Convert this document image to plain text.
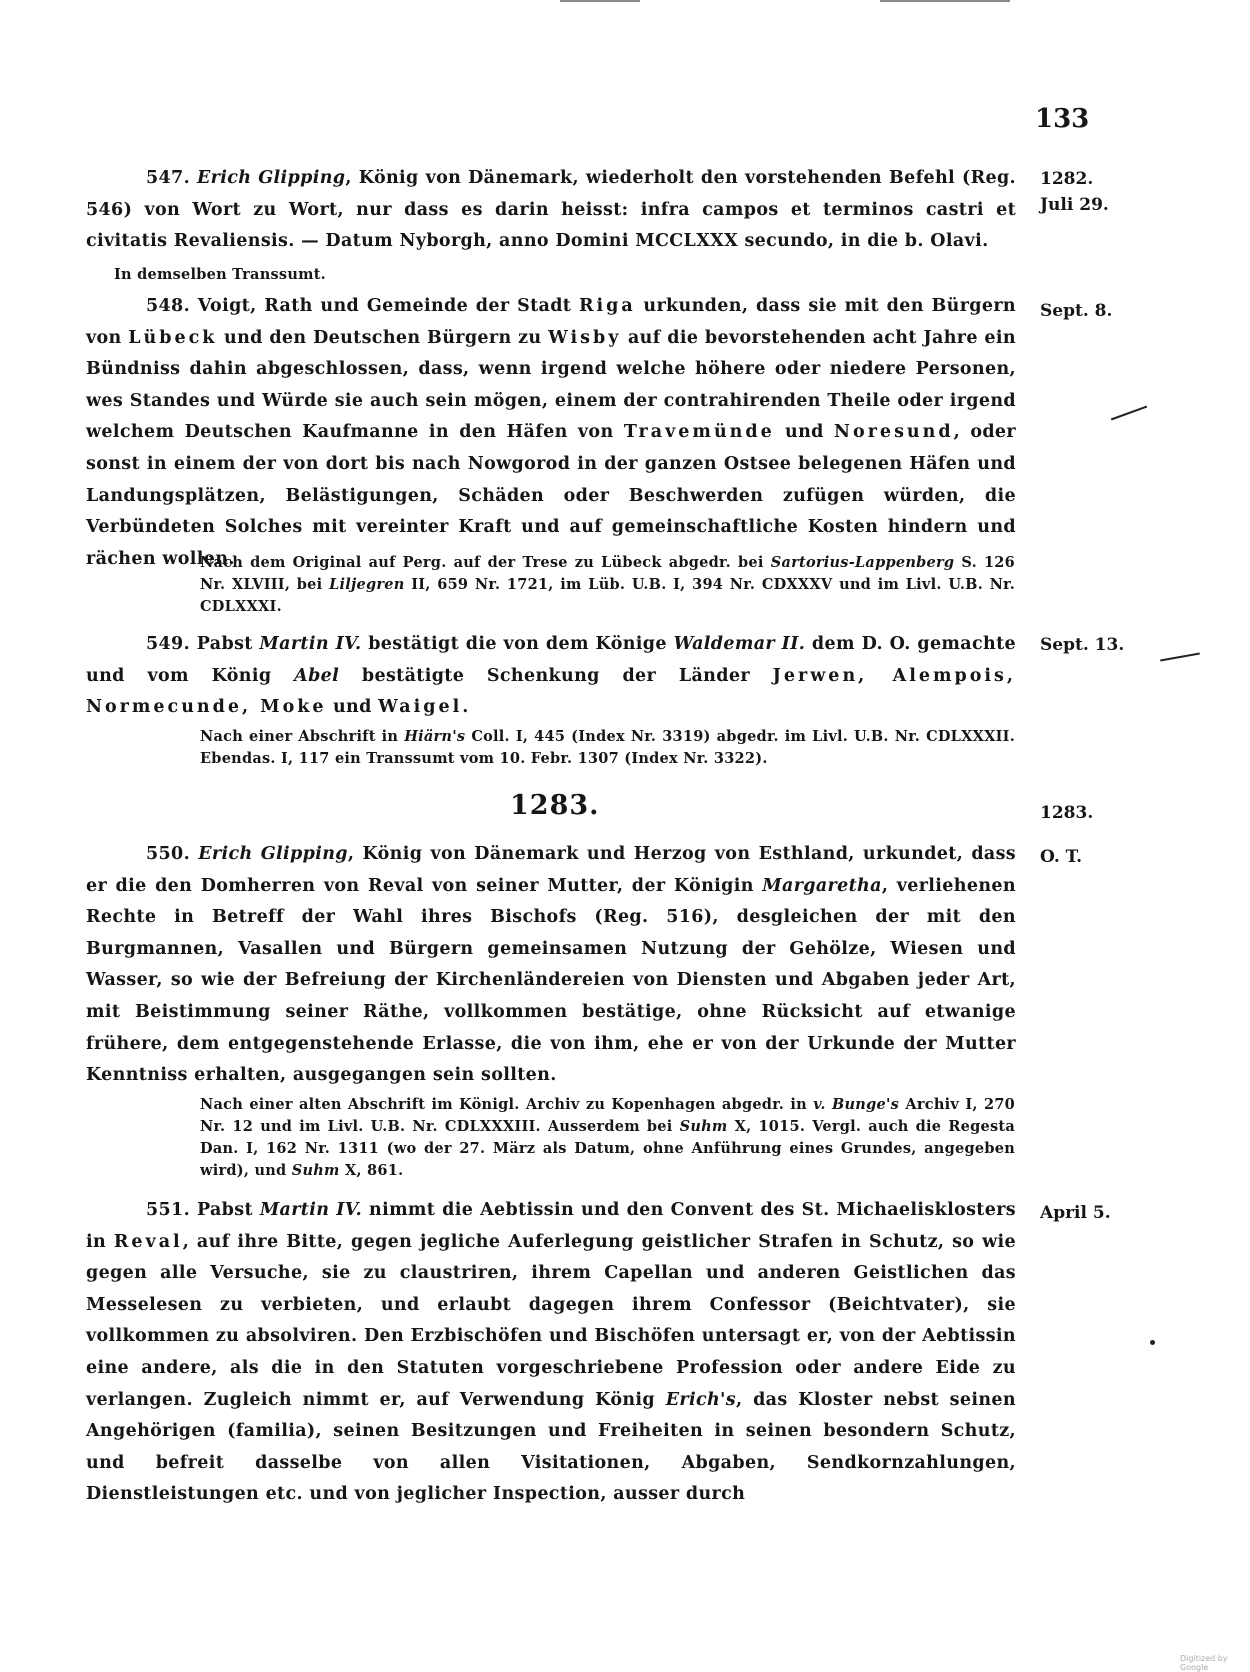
133
547. Erich Glipping, König von Dänemark, wiederholt den vorstehenden Befehl (Reg. 546) von Wort zu Wort, nur dass es darin heisst: infra campos et terminos castri et civitatis Revaliensis. — Datum Nyborgh, anno Domini MCCLXXX secundo, in die b. Olavi.
In demselben Transsumt.
1282.
Juli 29.
548. Voigt, Rath und Gemeinde der Stadt Riga urkunden, dass sie mit den Bürgern von Lübeck und den Deutschen Bürgern zu Wisby auf die bevorstehenden acht Jahre ein Bündniss dahin abgeschlossen, dass, wenn irgend welche höhere oder niedere Personen, wes Standes und Würde sie auch sein mögen, einem der contrahirenden Theile oder irgend welchem Deutschen Kaufmanne in den Häfen von Travemünde und Noresund, oder sonst in einem der von dort bis nach Nowgorod in der ganzen Ostsee belegenen Häfen und Landungsplätzen, Belästigungen, Schäden oder Beschwerden zufügen würden, die Verbündeten Solches mit vereinter Kraft und auf gemeinschaftliche Kosten hindern und rächen wollen.
Nach dem Original auf Perg. auf der Trese zu Lübeck abgedr. bei Sartorius-Lappenberg S. 126 Nr. XLVIII, bei Liljegren II, 659 Nr. 1721, im Lüb. U.B. I, 394 Nr. CDXXXV und im Livl. U.B. Nr. CDLXXXI.
Sept. 8.
549. Pabst Martin IV. bestätigt die von dem Könige Waldemar II. dem D. O. gemachte und vom König Abel bestätigte Schenkung der Länder Jerwen, Alempois, Normecunde, Moke und Waigel.
Nach einer Abschrift in Hiärn's Coll. I, 445 (Index Nr. 3319) abgedr. im Livl. U.B. Nr. CDLXXXII. Ebendas. I, 117 ein Transsumt vom 10. Febr. 1307 (Index Nr. 3322).
Sept. 13.
1283.	1283.
550. Erich Glipping, König von Dänemark und Herzog von Esthland, urkundet, dass er die den Domherren von Reval von seiner Mutter, der Königin Margaretha, verliehenen Rechte in Betreff der Wahl ihres Bischofs (Reg. 516), desgleichen der mit den Burgmannen, Vasallen und Bürgern gemeinsamen Nutzung der Gehölze, Wiesen und Wasser, so wie der Befreiung der Kirchenländereien von Diensten und Abgaben jeder Art, mit Beistimmung seiner Räthe, vollkommen bestätige, ohne Rücksicht auf etwanige frühere, dem entgegenstehende Erlasse, die von ihm, ehe er von der Urkunde der Mutter Kenntniss erhalten, ausgegangen sein sollten.
Nach einer alten Abschrift im Königl. Archiv zu Kopenhagen abgedr. in v. Bunge's Archiv I, 270 Nr. 12 und im Livl. U.B. Nr. CDLXXXIII. Ausserdem bei Suhm X, 1015. Vergl. auch die Regesta Dan. I, 162 Nr. 1311 (wo der 27. März als Datum, ohne Anführung eines Grundes, angegeben wird), und Suhm X, 861.
O. T.
551. Pabst Martin IV. nimmt die Aebtissin und den Convent des St. Michaelisklosters in Reval, auf ihre Bitte, gegen jegliche Auferlegung geistlicher Strafen in Schutz, so wie gegen alle Versuche, sie zu claustriren, ihrem Capellan und anderen Geistlichen das Messelesen zu verbieten, und erlaubt dagegen ihrem Confessor (Beichtvater), sie vollkommen zu absolviren. Den Erzbischöfen und Bischöfen untersagt er, von der Aebtissin eine andere, als die in den Statuten vorgeschriebene Profession oder andere Eide zu verlangen. Zugleich nimmt er, auf Verwendung König Erich's, das Kloster nebst seinen Angehörigen (familia), seinen Besitzungen und Freiheiten in seinen besondern Schutz, und befreit dasselbe von allen Visitationen, Abgaben, Sendkornzahlungen, Dienstleistungen etc. und von jeglicher Inspection, ausser durch
April 5.
Digitized by Google
